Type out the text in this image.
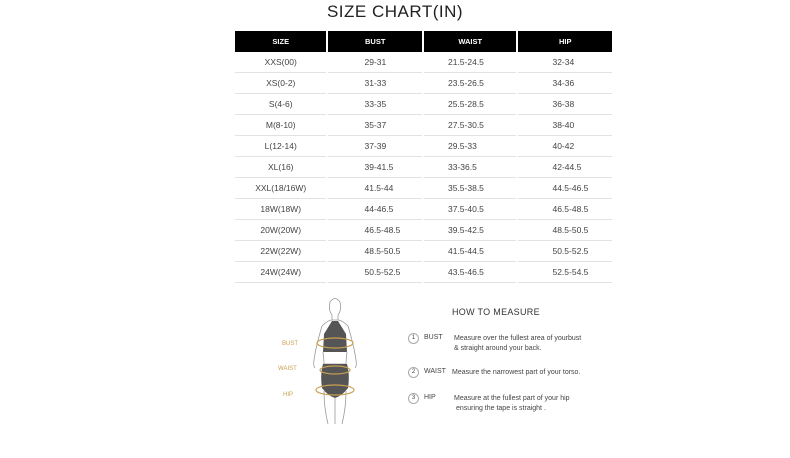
SIZE CHART(IN)
SIZE	BUST	WAIST	HIP
XXS(00)	29-31	21.5-24.5	32-34
XS(0-2)	31-33	23.5-26.5	34-36
S(4-6)	33-35	25.5-28.5	36-38
M(8-10)	35-37	27.5-30.5	38-40
L(12-14)	37-39	29.5-33	40-42
XL(16)	39-41.5	33-36.5	42-44.5
XXL(18/16W)	41.5-44	35.5-38.5	44.5-46.5
18W(18W)	44-46.5	37.5-40.5	46.5-48.5
20W(20W)	46.5-48.5	39.5-42.5	48.5-50.5
22W(22W)	48.5-50.5	41.5-44.5	50.5-52.5
24W(24W)	50.5-52.5	43.5-46.5	52.5-54.5
BUST
WAIST
HIP
HOW TO MEASURE
1	BUST Measure over the fullest area of yourbust
& straight around your back.
2	WAIST Measure the narrowest part of your torso.
3	HIP	Measure at the fullest part of your hip
ensuring the tape is straight .
